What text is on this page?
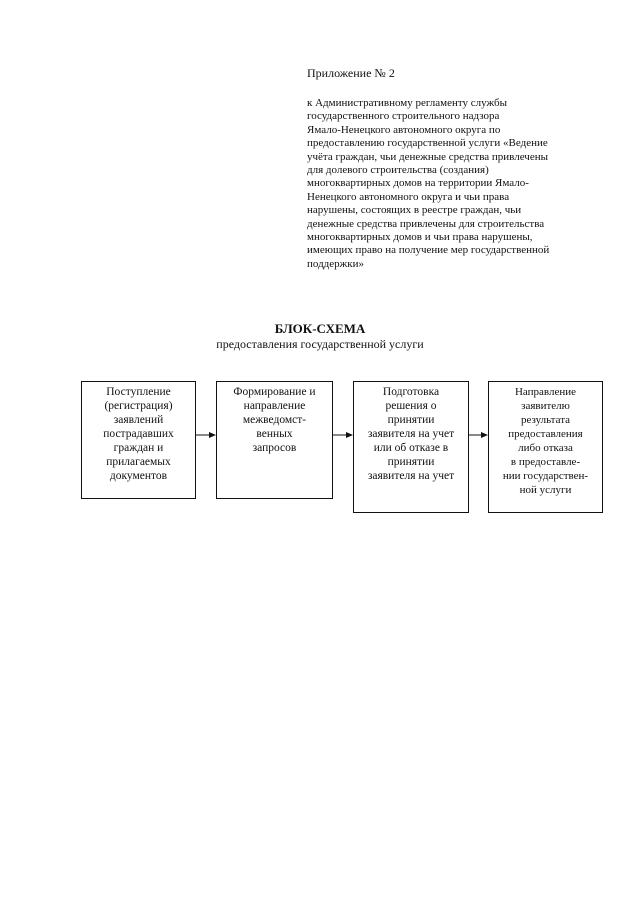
Приложение № 2

к Административному регламенту службы
государственного строительного надзора
Ямало-Ненецкого автономного округа по
предоставлению государственной услуги «Ведение
учёта граждан, чьи денежные средства привлечены
для долевого строительства (создания)
многоквартирных домов на территории Ямало-
Ненецкого автономного округа и чьи права
нарушены, состоящих в реестре граждан, чьи
денежные средства привлечены для строительства
многоквартирных домов и чьи права нарушены,
имеющих право на получение мер государственной
поддержки»

БЛОК-СХЕМА

предоставления государственной услуги

Поступление
(регистрация)
заявлений
пострадавших
граждан и
прилагаемых
документов
Формирование и
направление
межведомст-
венных
запросов
Подготовка
решения о
принятии
заявителя на учет
или об отказе в
принятии
заявителя на учет
Направление
заявителю
результата
предоставления
либо отказа
в предоставле-
нии государствен-
ной услуги
